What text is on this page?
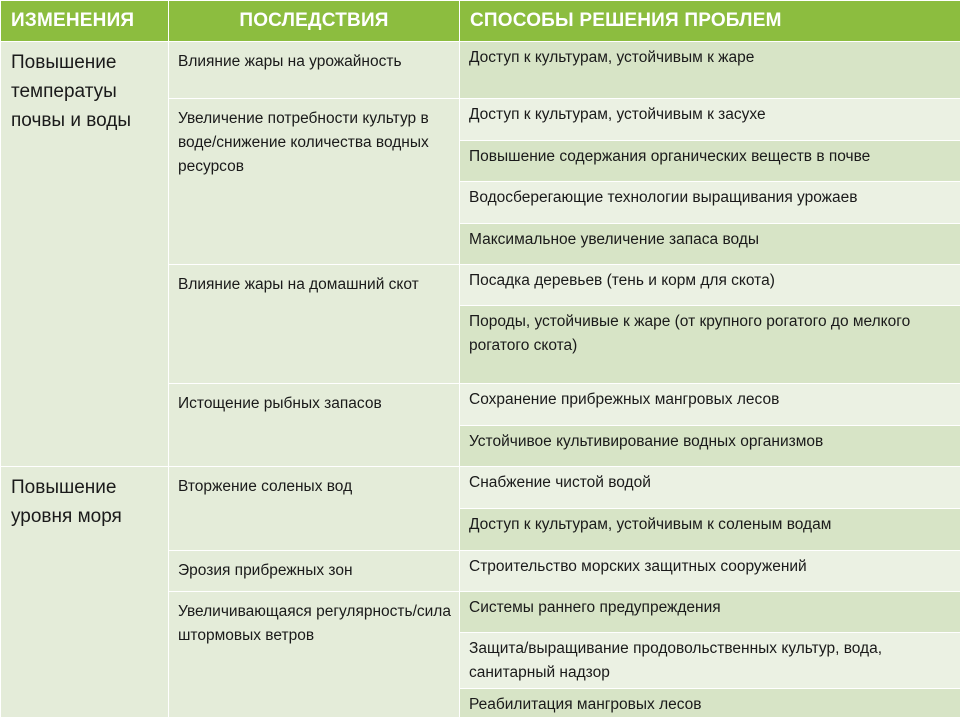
ИЗМЕНЕНИЯ	ПОСЛЕДСТВИЯ	СПОСОБЫ РЕШЕНИЯ ПРОБЛЕМ
Повышение температуы почвы и воды	Влияние жары на урожайность	Доступ к культурам, устойчивым к жаре
	Увеличение потребности культур в воде/снижение количества водных ресурсов	Доступ к культурам, устойчивым к засухе
		Повышение содержания органических веществ в почве
		Водосберегающие технологии выращивания урожаев
		Максимальное увеличение запаса воды
	Влияние жары на домашний скот	Посадка деревьев (тень и корм для скота)
		Породы, устойчивые к жаре (от крупного рогатого до мелкого рогатого скота)
	Истощение рыбных запасов	Сохранение прибрежных мангровых лесов
		Устойчивое культивирование водных организмов

Повышение уровня моря	Вторжение соленых вод	Снабжение чистой водой
		Доступ к культурам, устойчивым к соленым водам
	Эрозия прибрежных зон	Строительство морских защитных сооружений
	Увеличивающаяся регулярность/сила штормовых ветров	Системы раннего предупреждения
		Защита/выращивание продовольственных культур, вода, санитарный надзор
		Реабилитация мангровых лесов
